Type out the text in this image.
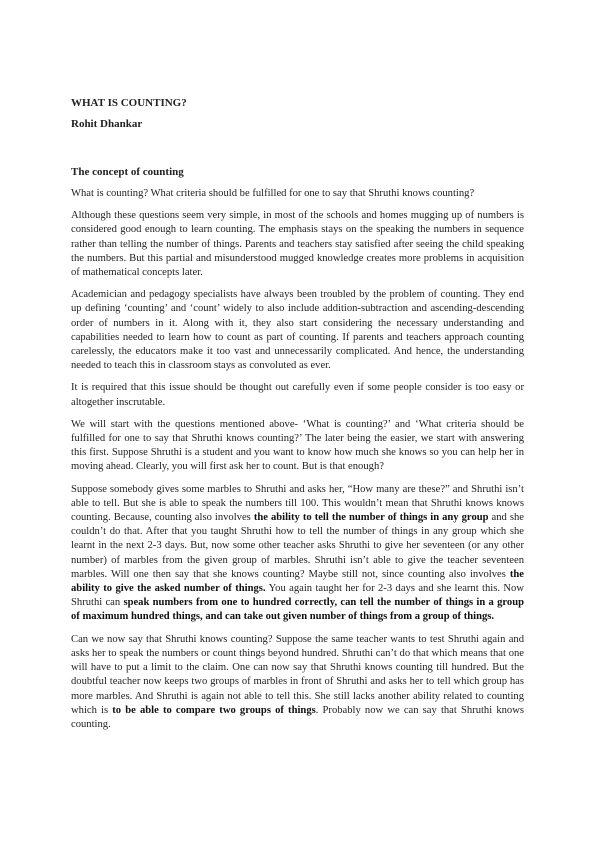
WHAT IS COUNTING?
Rohit Dhankar
The concept of counting

What is counting? What criteria should be fulfilled for one to say that Shruthi knows counting?

Although these questions seem very simple, in most of the schools and homes mugging up of numbers is considered good enough to learn counting. The emphasis stays on the speaking the numbers in sequence rather than telling the number of things. Parents and teachers stay satisfied after seeing the child speaking the numbers. But this partial and misunderstood mugged knowledge creates more problems in acquisition of mathematical concepts later.

Academician and pedagogy specialists have always been troubled by the problem of counting. They end up defining ‘counting’ and ‘count’ widely to also include addition-subtraction and ascending-descending order of numbers in it. Along with it, they also start considering the necessary understanding and capabilities needed to learn how to count as part of counting. If parents and teachers approach counting carelessly, the educators make it too vast and unnecessarily complicated. And hence, the understanding needed to teach this in classroom stays as convoluted as ever.

It is required that this issue should be thought out carefully even if some people consider is too easy or altogether inscrutable.

We will start with the questions mentioned above- ‘What is counting?’ and ‘What criteria should be fulfilled for one to say that Shruthi knows counting?’ The later being the easier, we start with answering this first. Suppose Shruthi is a student and you want to know how much she knows so you can help her in moving ahead. Clearly, you will first ask her to count. But is that enough?

Suppose somebody gives some marbles to Shruthi and asks her, “How many are these?” and Shruthi isn’t able to tell. But she is able to speak the numbers till 100. This wouldn’t mean that Shruthi knows knows counting. Because, counting also involves the ability to tell the number of things in any group and she couldn’t do that. After that you taught Shruthi how to tell the number of things in any group which she learnt in the next 2-3 days. But, now some other teacher asks Shruthi to give her seventeen (or any other number) of marbles from the given group of marbles. Shruthi isn’t able to give the teacher seventeen marbles. Will one then say that she knows counting? Maybe still not, since counting also involves the ability to give the asked number of things. You again taught her for 2-3 days and she learnt this. Now Shruthi can speak numbers from one to hundred correctly, can tell the number of things in a group of maximum hundred things, and can take out given number of things from a group of things.

Can we now say that Shruthi knows counting? Suppose the same teacher wants to test Shruthi again and asks her to speak the numbers or count things beyond hundred. Shruthi can’t do that which means that one will have to put a limit to the claim. One can now say that Shruthi knows counting till hundred. But the doubtful teacher now keeps two groups of marbles in front of Shruthi and asks her to tell which group has more marbles. And Shruthi is again not able to tell this. She still lacks another ability related to counting which is to be able to compare two groups of things. Probably now we can say that Shruthi knows counting.
